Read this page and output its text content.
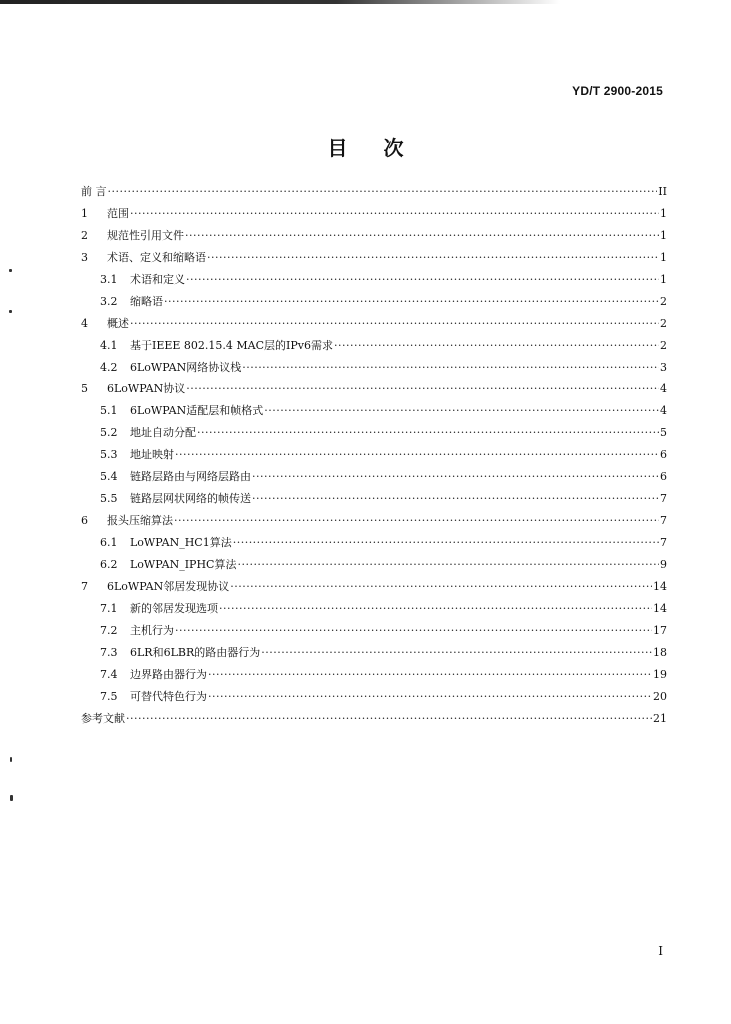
YD/T 2900-2015
目 次
前 言 ·····	II
1	范围 ·····	1
2	规范性引用文件 ·····	1
3	术语、定义和缩略语 ·····	1
3.1	术语和定义 ·····	1
3.2	缩略语 ·····	2
4	概述 ·····	2
4.1	基于IEEE 802.15.4 MAC层的IPv6需求 ·····	2
4.2	6LoWPAN网络协议栈 ·····	3
5	6LoWPAN协议 ·····	4
5.1	6LoWPAN适配层和帧格式 ·····	4
5.2	地址自动分配 ·····	5
5.3	地址映射 ·····	6
5.4	链路层路由与网络层路由 ·····	6
5.5	链路层网状网络的帧传送 ·····	7
6	报头压缩算法 ·····	7
6.1	LoWPAN_HC1算法 ·····	7
6.2	LoWPAN_IPHC算法 ·····	9
7	6LoWPAN邻居发现协议 ·····	14
7.1	新的邻居发现选项 ·····	14
7.2	主机行为 ·····	17
7.3	6LR和6LBR的路由器行为 ·····	18
7.4	边界路由器行为 ·····	19
7.5	可替代特色行为 ·····	20
参考文献 ·····	21
I
